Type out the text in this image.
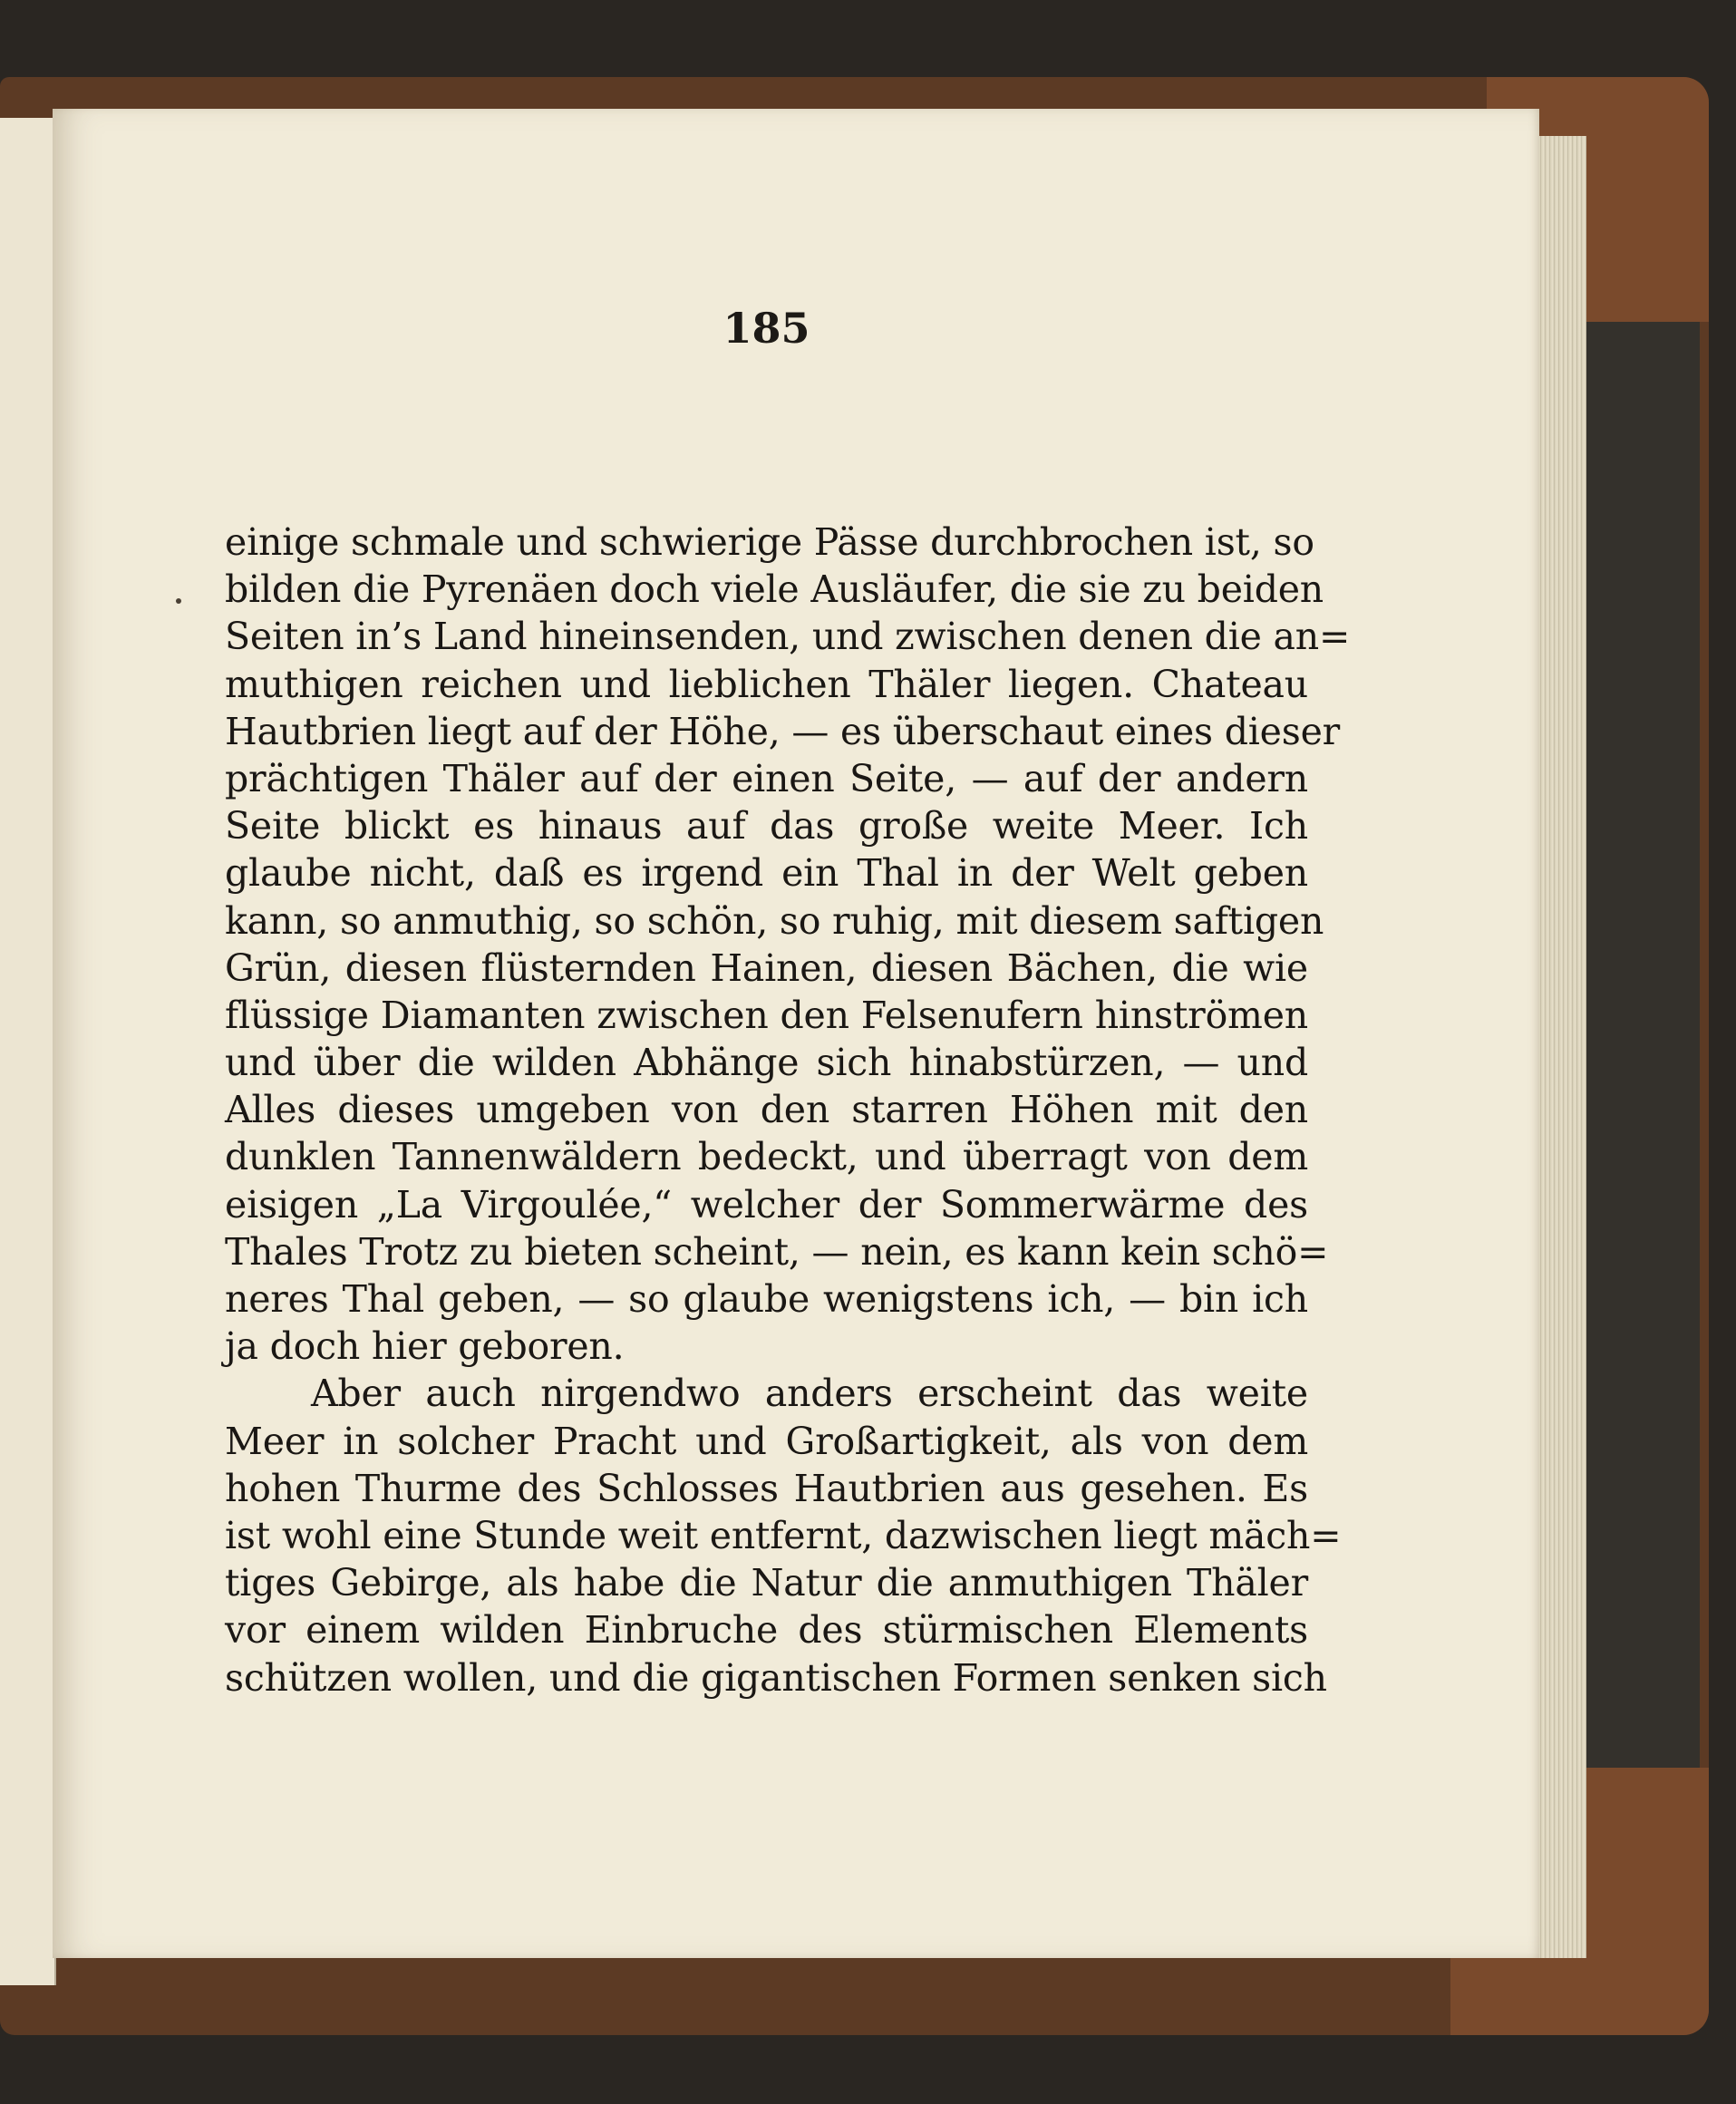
185
einige schmale und schwierige Pässe durchbrochen ist, so
bilden die Pyrenäen doch viele Ausläufer, die sie zu beiden
Seiten in’s Land hineinsenden, und zwischen denen die an=
muthigen reichen und lieblichen Thäler liegen. Chateau
Hautbrien liegt auf der Höhe, — es überschaut eines dieser
prächtigen Thäler auf der einen Seite, — auf der andern
Seite blickt es hinaus auf das große weite Meer. Ich
glaube nicht, daß es irgend ein Thal in der Welt geben
kann, so anmuthig, so schön, so ruhig, mit diesem saftigen
Grün, diesen flüsternden Hainen, diesen Bächen, die wie
flüssige Diamanten zwischen den Felsenufern hinströmen
und über die wilden Abhänge sich hinabstürzen, — und
Alles dieses umgeben von den starren Höhen mit den
dunklen Tannenwäldern bedeckt, und überragt von dem
eisigen „La Virgoulée,“ welcher der Sommerwärme des
Thales Trotz zu bieten scheint, — nein, es kann kein schö=
neres Thal geben, — so glaube wenigstens ich, — bin ich
ja doch hier geboren.
Aber auch nirgendwo anders erscheint das weite
Meer in solcher Pracht und Großartigkeit, als von dem
hohen Thurme des Schlosses Hautbrien aus gesehen. Es
ist wohl eine Stunde weit entfernt, dazwischen liegt mäch=
tiges Gebirge, als habe die Natur die anmuthigen Thäler
vor einem wilden Einbruche des stürmischen Elements
schützen wollen, und die gigantischen Formen senken sich
